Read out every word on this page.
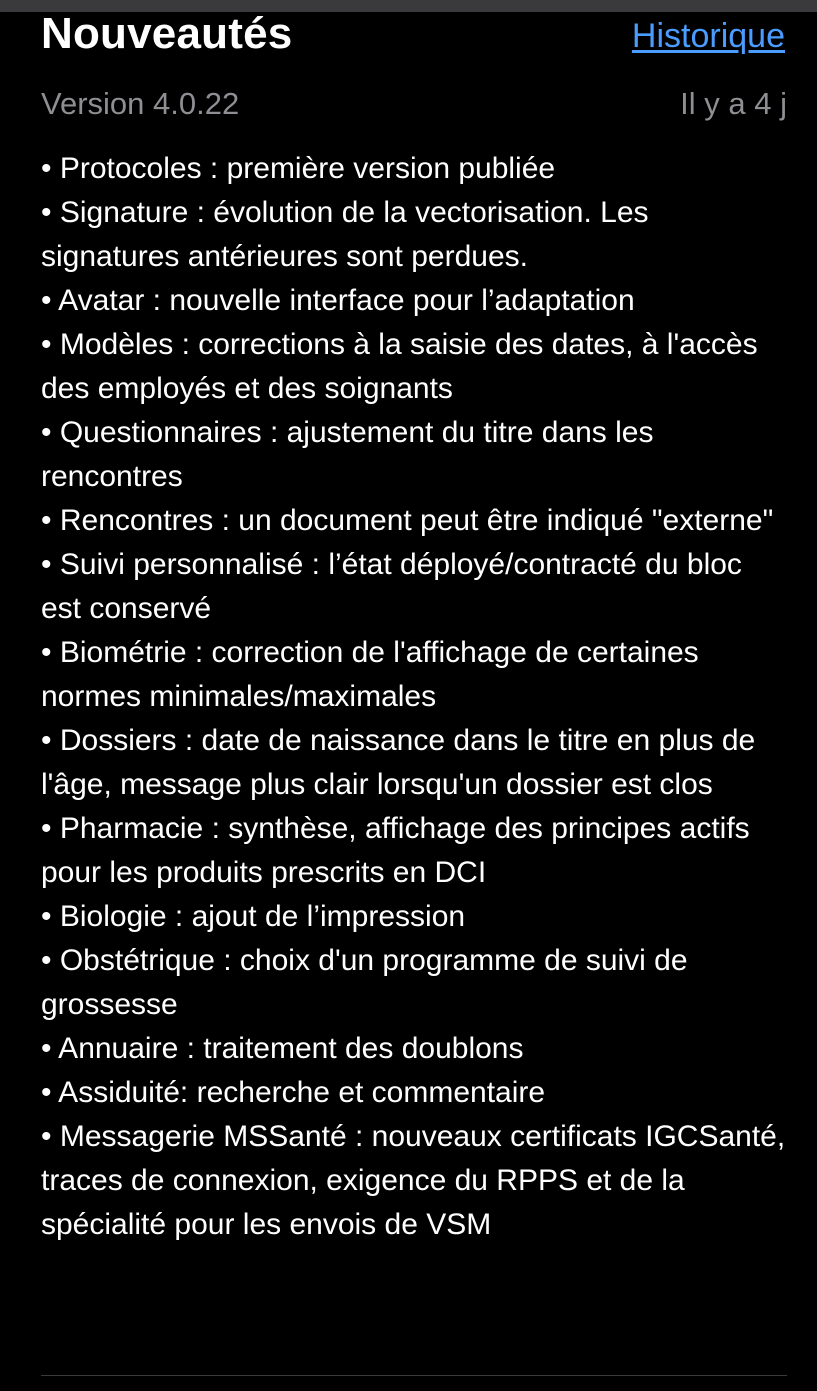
Nouveautés	Historique
Version 4.0.22	Il y a 4 j

• Protocoles : première version publiée

• Signature : évolution de la vectorisation. Les signatures antérieures sont perdues.

• Avatar : nouvelle interface pour l’adaptation

• Modèles : corrections à la saisie des dates, à l'accès des employés et des soignants

• Questionnaires : ajustement du titre dans les rencontres

• Rencontres : un document peut être indiqué "externe"

• Suivi personnalisé : l’état déployé/contracté du bloc est conservé

• Biométrie : correction de l'affichage de certaines normes minimales/maximales

• Dossiers : date de naissance dans le titre en plus de l'âge, message plus clair lorsqu'un dossier est clos

• Pharmacie : synthèse, affichage des principes actifs pour les produits prescrits en DCI

• Biologie : ajout de l’impression

• Obstétrique : choix d'un programme de suivi de grossesse

• Annuaire : traitement des doublons

• Assiduité: recherche et commentaire

• Messagerie MSSanté : nouveaux certificats IGCSanté, traces de connexion, exigence du RPPS et de la spécialité pour les envois de VSM
